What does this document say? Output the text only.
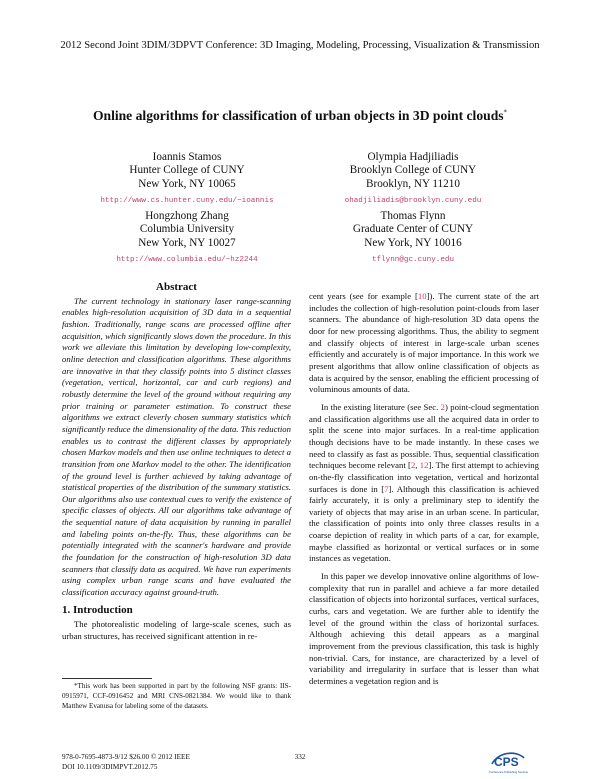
2012 Second Joint 3DIM/3DPVT Conference: 3D Imaging, Modeling, Processing, Visualization & Transmission
Online algorithms for classification of urban objects in 3D point clouds*
Ioannis Stamos
Hunter College of CUNY
New York, NY 10065
http://www.cs.hunter.cuny.edu/~ioannis
Olympia Hadjiliadis
Brooklyn College of CUNY
Brooklyn, NY 11210
ohadjiliadis@brooklyn.cuny.edu
Hongzhong Zhang
Columbia University
New York, NY 10027
http://www.columbia.edu/~hz2244
Thomas Flynn
Graduate Center of CUNY
New York, NY 10016
tflynn@gc.cuny.edu
Abstract
The current technology in stationary laser range-scanning enables high-resolution acquisition of 3D data in a sequential fashion. Traditionally, range scans are processed offline after acquisition, which significantly slows down the procedure. In this work we alleviate this limitation by developing low-complexity, online detection and classification algorithms. These algorithms are innovative in that they classify points into 5 distinct classes (vegetation, vertical, horizontal, car and curb regions) and robustly determine the level of the ground without requiring any prior training or parameter estimation. To construct these algorithms we extract cleverly chosen summary statistics which significantly reduce the dimensionality of the data. This reduction enables us to contrast the different classes by appropriately chosen Markov models and then use online techniques to detect a transition from one Markov model to the other. The identification of the ground level is further achieved by taking advantage of statistical properties of the distribution of the summary statistics. Our algorithms also use contextual cues to verify the existence of specific classes of objects. All our algorithms take advantage of the sequential nature of data acquisition by running in parallel and labeling points on-the-fly. Thus, these algorithms can be potentially integrated with the scanner's hardware and provide the foundation for the construction of high-resolution 3D data scanners that classify data as acquired. We have run experiments using complex urban range scans and have evaluated the classification accuracy against ground-truth.
1. Introduction
The photorealistic modeling of large-scale scenes, such as urban structures, has received significant attention in re-
*This work has been supported in part by the following NSF grants: IIS-0915971, CCF-0916452 and MRI CNS-0821384. We would like to thank Matthew Evanusa for labeling some of the datasets.
cent years (see for example [10]). The current state of the art includes the collection of high-resolution point-clouds from laser scanners. The abundance of high-resolution 3D data opens the door for new processing algorithms. Thus, the ability to segment and classify objects of interest in large-scale urban scenes efficiently and accurately is of major importance. In this work we present algorithms that allow online classification of objects as data is acquired by the sensor, enabling the efficient processing of voluminous amounts of data.
In the existing literature (see Sec. 2) point-cloud segmentation and classification algorithms use all the acquired data in order to split the scene into major surfaces. In a real-time application though decisions have to be made instantly. In these cases we need to classify as fast as possible. Thus, sequential classification techniques become relevant [2, 12]. The first attempt to achieving on-the-fly classification into vegetation, vertical and horizontal surfaces is done in [7]. Although this classification is achieved fairly accurately, it is only a preliminary step to identify the variety of objects that may arise in an urban scene. In particular, the classification of points into only three classes results in a coarse depiction of reality in which parts of a car, for example, maybe classified as horizontal or vertical surfaces or in some instances as vegetation.
In this paper we develop innovative online algorithms of low-complexity that run in parallel and achieve a far more detailed classification of objects into horizontal surfaces, vertical surfaces, curbs, cars and vegetation. We are further able to identify the level of the ground within the class of horizontal surfaces. Although achieving this detail appears as a marginal improvement from the previous classification, this task is highly non-trivial. Cars, for instance, are characterized by a level of variability and irregularity in surface that is lesser than what determines a vegetation region and is
978-0-7695-4873-9/12 $26.00 © 2012 IEEE
DOI 10.1109/3DIMPVT.2012.75
332	CPS
Conference Publishing Services
